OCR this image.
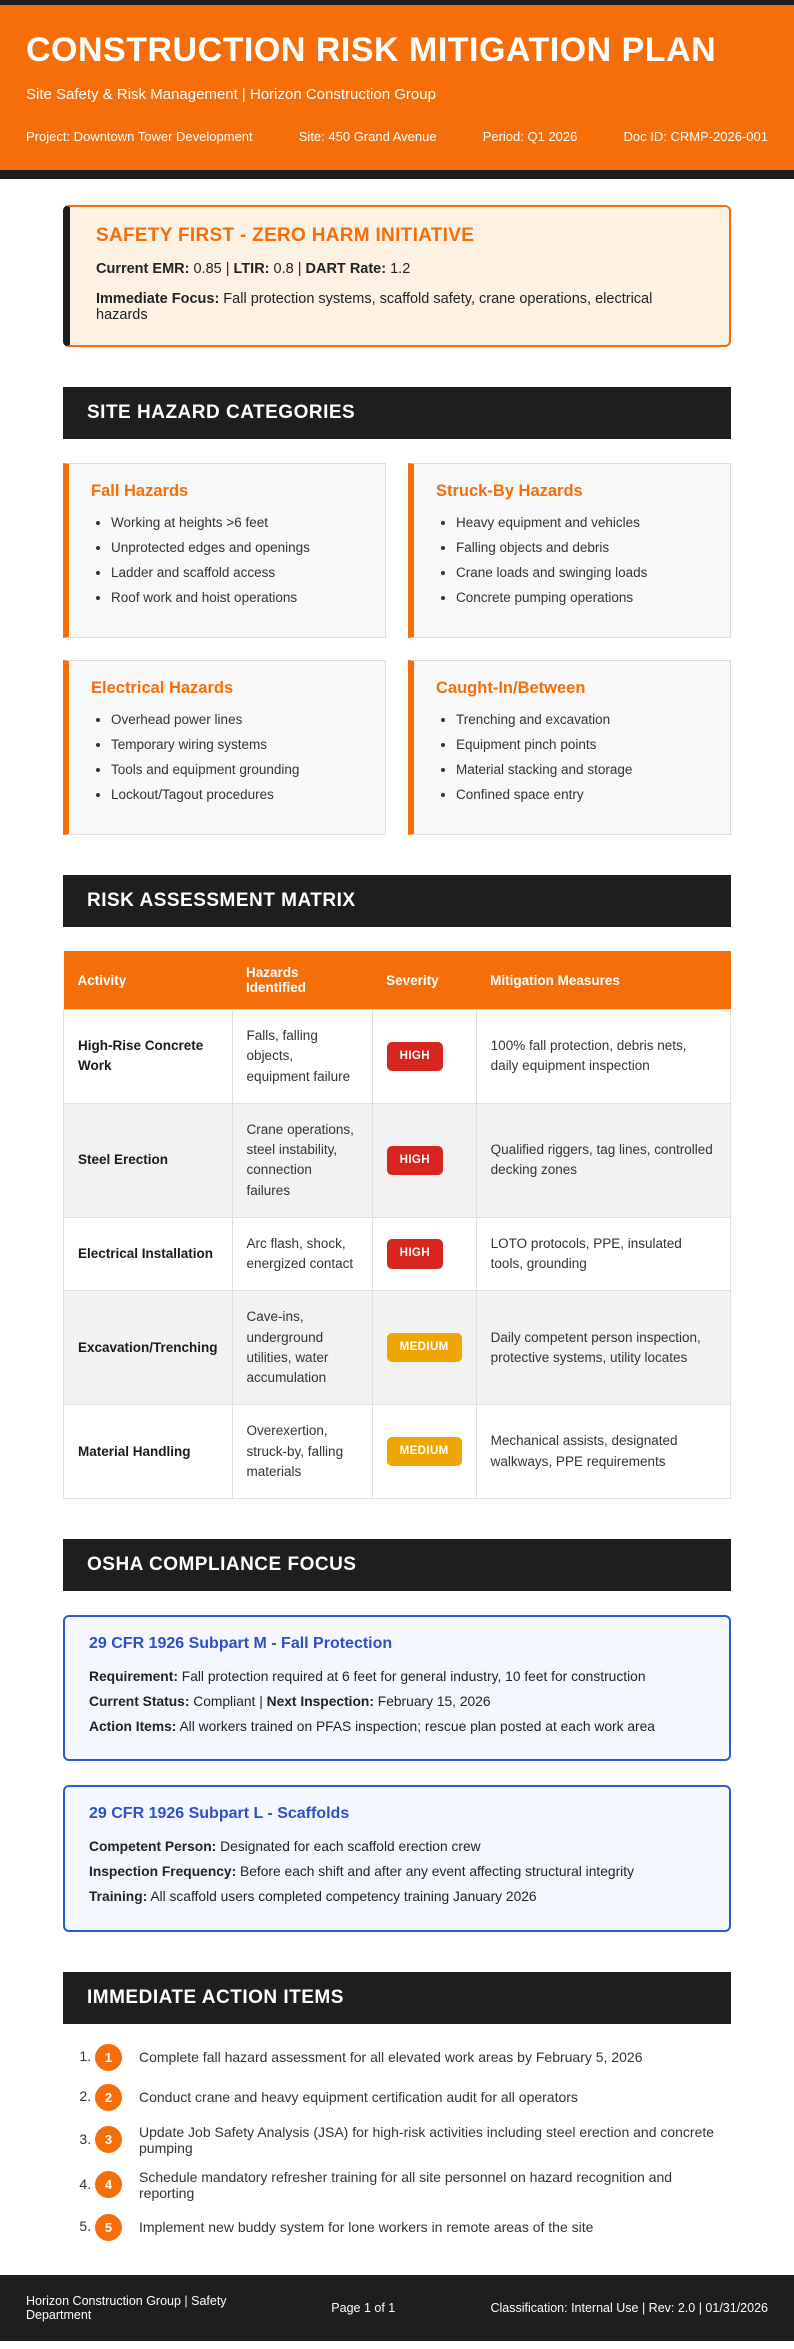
CONSTRUCTION RISK MITIGATION PLAN
Site Safety & Risk Management | Horizon Construction Group
Project: Downtown Tower Development	Site: 450 Grand Avenue	Period: Q1 2026	Doc ID: CRMP-2026-001
SAFETY FIRST - ZERO HARM INITIATIVE

Current EMR: 0.85 | LTIR: 0.8 | DART Rate: 1.2

Immediate Focus: Fall protection systems, scaffold safety, crane operations, electrical hazards

SITE HAZARD CATEGORIES
Fall Hazards
• Working at heights >6 feet
• Unprotected edges and openings
• Ladder and scaffold access
• Roof work and hoist operations
Struck-By Hazards
• Heavy equipment and vehicles
• Falling objects and debris
• Crane loads and swinging loads
• Concrete pumping operations
Electrical Hazards
• Overhead power lines
• Temporary wiring systems
• Tools and equipment grounding
• Lockout/Tagout procedures
Caught-In/Between
• Trenching and excavation
• Equipment pinch points
• Material stacking and storage
• Confined space entry
RISK ASSESSMENT MATRIX
Activity	Hazards Identified	Severity	Mitigation Measures
High-Rise Concrete Work	Falls, falling objects, equipment failure	HIGH	100% fall protection, debris nets, daily equipment inspection
Steel Erection	Crane operations, steel instability, connection failures	HIGH	Qualified riggers, tag lines, controlled decking zones
Electrical Installation	Arc flash, shock, energized contact	HIGH	LOTO protocols, PPE, insulated tools, grounding
Excavation/Trenching	Cave-ins, underground utilities, water accumulation	MEDIUM	Daily competent person inspection, protective systems, utility locates
Material Handling	Overexertion, struck-by, falling materials	MEDIUM	Mechanical assists, designated walkways, PPE requirements
OSHA COMPLIANCE FOCUS
29 CFR 1926 Subpart M - Fall Protection
Requirement: Fall protection required at 6 feet for general industry, 10 feet for construction
Current Status: Compliant | Next Inspection: February 15, 2026
Action Items: All workers trained on PFAS inspection; rescue plan posted at each work area
29 CFR 1926 Subpart L - Scaffolds
Competent Person: Designated for each scaffold erection crew
Inspection Frequency: Before each shift and after any event affecting structural integrity
Training: All scaffold users completed competency training January 2026
IMMEDIATE ACTION ITEMS
1. 1	Complete fall hazard assessment for all elevated work areas by February 5, 2026
2. 2	Conduct crane and heavy equipment certification audit for all operators
3. 3	Update Job Safety Analysis (JSA) for high-risk activities including steel erection and concrete pumping
4. 4	Schedule mandatory refresher training for all site personnel on hazard recognition and reporting
5. 5	Implement new buddy system for lone workers in remote areas of the site
Horizon Construction Group | Safety Department	Page 1 of 1	Classification: Internal Use | Rev: 2.0 | 01/31/2026
